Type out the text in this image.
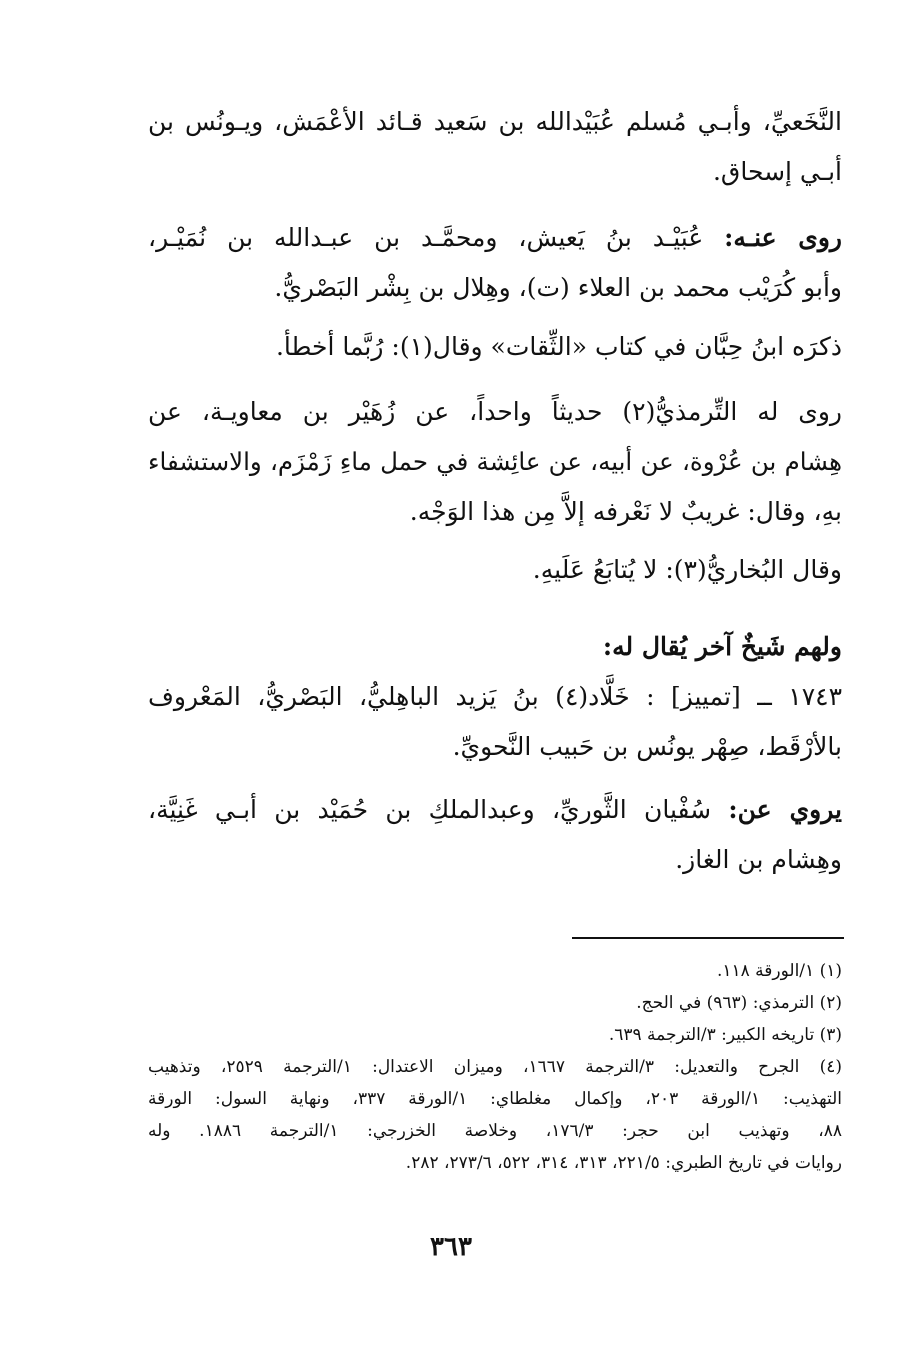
النَّخَعيِّ، وأبـي مُسلم عُبَيْدالله بن سَعيد قـائد الأعْمَش، ويـونُس بن
أبـي إسحاق.
روى عنـه: عُبَيْـد بنُ يَعيش، ومحمَّـد بن عبـدالله بن نُمَيْـر،
وأبو كُرَيْب محمد بن العلاء (ت)، وهِلال بن بِشْر البَصْريُّ.
ذكرَه ابنُ حِبَّان في كتاب «الثِّقات» وقال(١): رُبَّما أخطأ.
روى له التِّرمذيُّ(٢) حديثاً واحداً، عن زُهَيْر بن معاويـة، عن
هِشام بن عُرْوة، عن أبيه، عن عائِشة في حمل ماءِ زَمْزَم، والاستشفاء
بهِ، وقال: غريبٌ لا نَعْرفه إلاَّ مِن هذا الوَجْه.
وقال البُخاريُّ(٣): لا يُتابَعُ عَلَيهِ.
ولهم شَيخٌ آخر يُقال له:
١٧٤٣ ــ [تمييز] : خَلَّاد(٤) بنُ يَزيد الباهِليُّ، البَصْريُّ، المَعْروف
بالأرْقَط، صِهْر يونُس بن حَبيب النَّحويِّ.
يروي عن: سُفْيان الثَّوريِّ، وعبدالملكِ بن حُمَيْد بن أبـي غَنِيَّة،
وهِشام بن الغاز.
(١) ١/الورقة ١١٨.
(٢) الترمذي: (٩٦٣) في الحج.
(٣) تاريخه الكبير: ٣/الترجمة ٦٣٩.
(٤) الجرح والتعديل: ٣/الترجمة ١٦٦٧، وميزان الاعتدال: ١/الترجمة ٢٥٢٩، وتذهيب
التهذيب: ١/الورقة ٢٠٣، وإكمال مغلطاي: ١/الورقة ٣٣٧، ونهاية السول: الورقة
٨٨، وتهذيب ابن حجر: ١٧٦/٣، وخلاصة الخزرجي: ١/الترجمة ١٨٨٦. وله
روايات في تاريخ الطبري: ٢٢١/٥، ٣١٣، ٣١٤، ٥٢٢، ٢٧٣/٦، ٢٨٢.
٣٦٣
